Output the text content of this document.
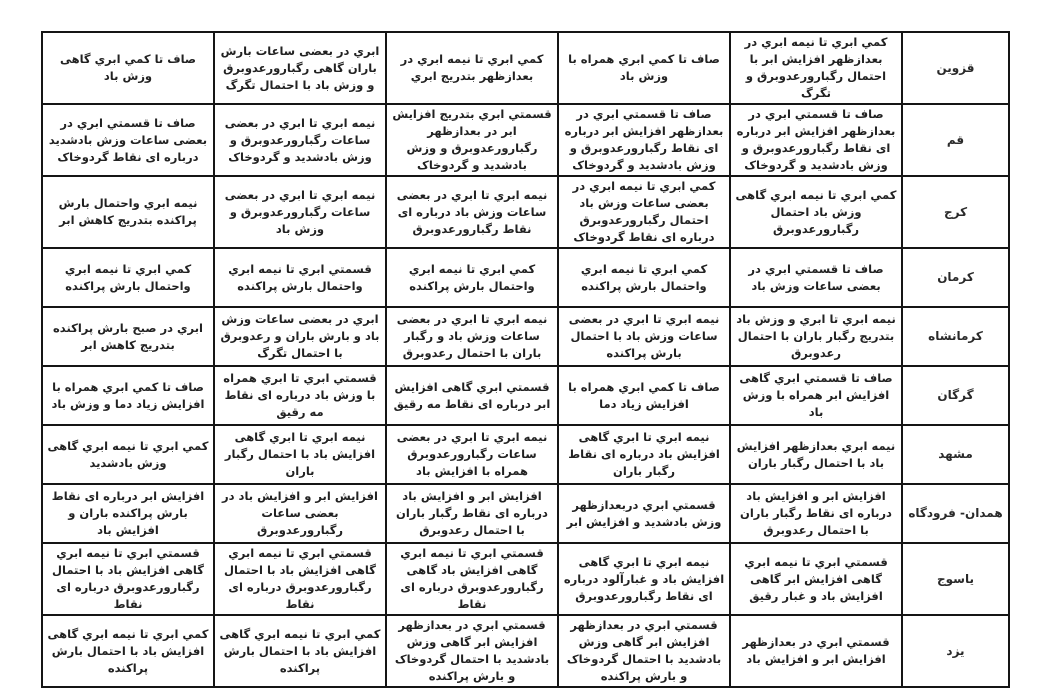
قزوین	كمي ابري تا نيمه ابري در بعدازظهر افزایش ابر با احتمال رگبارورعدوبرق و تگرگ	صاف تا كمي ابري همراه با وزش باد	كمي ابري تا نيمه ابري در بعدازظهر بتدریج ابري	ابري در بعضی ساعات بارش باران گاهی رگبارورعدوبرق و وزش باد با احتمال تگرگ	صاف تا كمي ابري گاهی وزش باد
قم	صاف تا قسمتي ابري در بعدازظهر افزایش ابر درباره ای نقاط رگبارورعدوبرق و وزش بادشدید و گردوخاک	صاف تا قسمتي ابري در بعدازظهر افزایش ابر درباره ای نقاط رگبارورعدوبرق و وزش بادشدید و گردوخاک	قسمتي ابري بتدریج افزایش ابر در بعدازظهر رگبارورعدوبرق و وزش بادشدید و گردوخاک	نيمه ابري تا ابري در بعضی ساعات رگبارورعدوبرق و وزش بادشدید و گردوخاک	صاف تا قسمتي ابري در بعضی ساعات وزش بادشدید درباره ای نقاط گردوخاک
کرج	كمي ابري تا نيمه ابري گاهی وزش باد احتمال رگبارورعدوبرق	كمي ابري تا نيمه ابري در بعضی ساعات وزش باد احتمال رگبارورعدوبرق درباره ای نقاط گردوخاک	نيمه ابري تا ابري در بعضی ساعات وزش باد درباره ای نقاط رگبارورعدوبرق	نيمه ابري تا ابري در بعضی ساعات رگبارورعدوبرق و وزش باد	نيمه ابري واحتمال بارش پراکنده بتدریج کاهش ابر
کرمان	صاف تا قسمتي ابري در بعضی ساعات وزش باد	كمي ابري تا نيمه ابري واحتمال بارش پراکنده	كمي ابري تا نيمه ابري واحتمال بارش پراکنده	قسمتي ابري تا نيمه ابري واحتمال بارش پراکنده	كمي ابري تا نيمه ابري واحتمال بارش پراکنده
کرمانشاه	نيمه ابري تا ابري و وزش باد بتدریج رگبار باران با احتمال رعدوبرق	نيمه ابري تا ابري در بعضی ساعات وزش باد با احتمال بارش پراکنده	نيمه ابري تا ابري در بعضی ساعات وزش باد و رگبار باران با احتمال رعدوبرق	ابري در بعضی ساعات وزش باد و بارش باران و رعدوبرق با احتمال تگرگ	ابري در صبح بارش پراکنده بتدریج کاهش ابر
گرگان	صاف تا قسمتي ابري گاهی افزایش ابر همراه با وزش باد	صاف تا كمي ابري همراه با افزایش زیاد دما	قسمتي ابري گاهی افزایش ابر درباره ای نقاط مه رقیق	قسمتي ابري تا ابري همراه با وزش باد درباره ای نقاط مه رقیق	صاف تا كمي ابري همراه با افزایش زیاد دما و وزش باد
مشهد	نيمه ابري بعدازظهر افزایش باد با احتمال رگبار باران	نيمه ابري تا ابري گاهی افزایش باد درباره ای نقاط رگبار باران	نيمه ابري تا ابري در بعضی ساعات رگبارورعدوبرق همراه با افزایش باد	نيمه ابري تا ابري گاهی افزایش باد با احتمال رگبار باران	كمي ابري تا نيمه ابري گاهی وزش بادشدید
همدان- فرودگاه	افزایش ابر و افزایش باد درباره ای نقاط رگبار باران با احتمال رعدوبرق	قسمتي ابري دربعدازظهر وزش بادشدید و افزایش ابر	افزایش ابر و افزایش باد درباره ای نقاط رگبار باران با احتمال رعدوبرق	افزایش ابر و افزایش باد در بعضی ساعات رگبارورعدوبرق	افزایش ابر درباره ای نقاط بارش پراکنده باران و افزایش باد
یاسوج	قسمتي ابري تا نيمه ابري گاهی افزایش ابر گاهی افزایش باد و غبار رقیق	نيمه ابري تا ابري گاهی افزایش باد و غبارآلود درباره ای نقاط رگبارورعدوبرق	قسمتي ابري تا نيمه ابري گاهی افزایش باد گاهی رگبارورعدوبرق درباره ای نقاط	قسمتي ابري تا نيمه ابري گاهی افزایش باد با احتمال رگبارورعدوبرق درباره ای نقاط	قسمتي ابري تا نيمه ابري گاهی افزایش باد با احتمال رگبارورعدوبرق درباره ای نقاط
یزد	قسمتي ابري در بعدازظهر افزایش ابر و افزایش باد	قسمتي ابري در بعدازظهر افزایش ابر گاهی وزش بادشدید با احتمال گردوخاک و بارش پراکنده	قسمتي ابري در بعدازظهر افزایش ابر گاهی وزش بادشدید با احتمال گردوخاک و بارش پراکنده	كمي ابري تا نيمه ابري گاهی افزایش باد با احتمال بارش پراکنده	كمي ابري تا نيمه ابري گاهی افزایش باد با احتمال بارش پراکنده
